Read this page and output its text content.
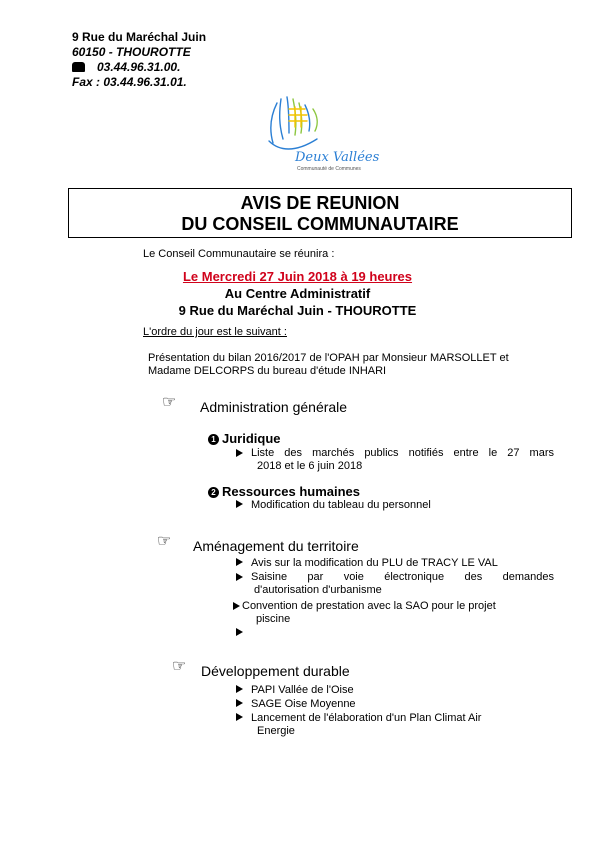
9 Rue du Maréchal Juin
60150 - THOUROTTE
03.44.96.31.00.
Fax : 03.44.96.31.01.
Deux Vallées
Communauté de Communes
AVIS DE REUNION
DU CONSEIL COMMUNAUTAIRE
Le Conseil Communautaire se réunira :
Le Mercredi 27 Juin 2018 à 19 heures
Au Centre Administratif
9 Rue du Maréchal Juin - THOUROTTE
L'ordre du jour est le suivant :
Présentation du bilan 2016/2017 de l'OPAH par Monsieur MARSOLLET et
Madame DELCORPS du bureau d'étude INHARI
☞ Administration générale
1 Juridique
Liste des marchés publics notifiés entre le 27 mars
2018 et le 6 juin 2018
2 Ressources humaines
Modification du tableau du personnel
☞ Aménagement du territoire
Avis sur la modification du PLU de TRACY LE VAL
Saisine par voie électronique des demandes
d'autorisation d'urbanisme
Convention de prestation avec la SAO pour le projet
piscine
☞ Développement durable
PAPI Vallée de l'Oise
SAGE Oise Moyenne
Lancement de l'élaboration d'un Plan Climat Air
Energie
